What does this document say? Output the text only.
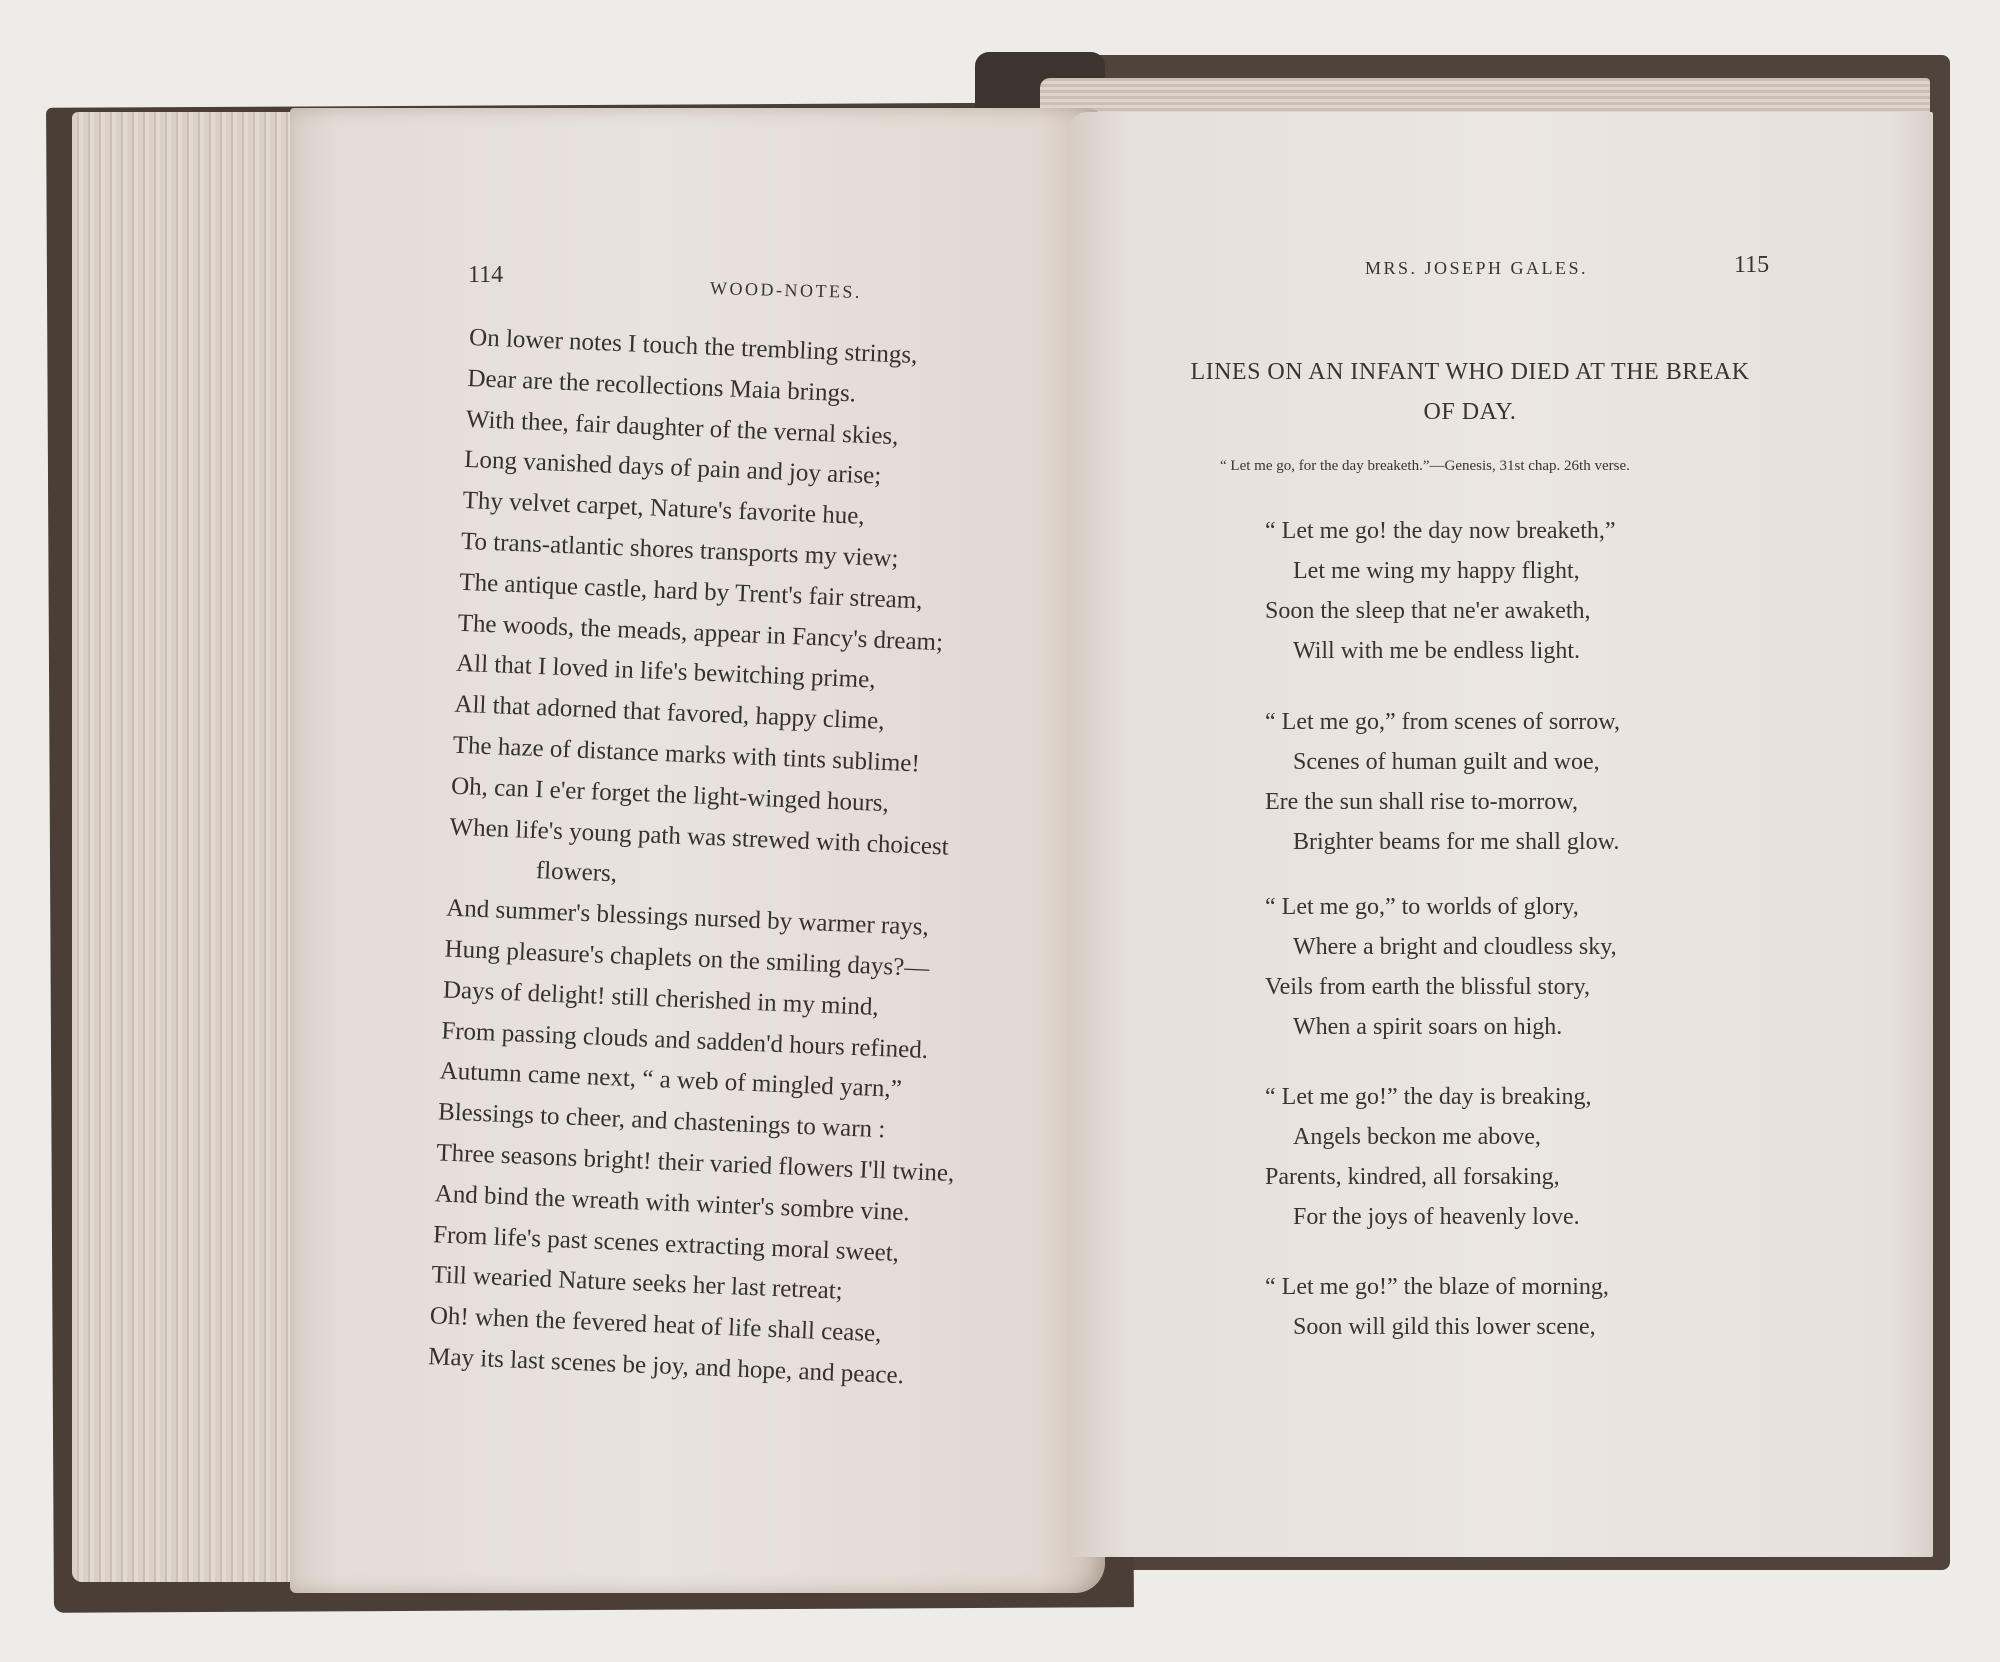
114
WOOD-NOTES.
On lower notes I touch the trembling strings,
Dear are the recollections Maia brings.
With thee, fair daughter of the vernal skies,
Long vanished days of pain and joy arise;
Thy velvet carpet, Nature's favorite hue,
To trans-atlantic shores transports my view;
The antique castle, hard by Trent's fair stream,
The woods, the meads, appear in Fancy's dream;
All that I loved in life's bewitching prime,
All that adorned that favored, happy clime,
The haze of distance marks with tints sublime!
Oh, can I e'er forget the light-winged hours,
When life's young path was strewed with choicest
flowers,
And summer's blessings nursed by warmer rays,
Hung pleasure's chaplets on the smiling days?—
Days of delight! still cherished in my mind,
From passing clouds and sadden'd hours refined.
Autumn came next, “ a web of mingled yarn,”
Blessings to cheer, and chastenings to warn :
Three seasons bright! their varied flowers I'll twine,
And bind the wreath with winter's sombre vine.
From life's past scenes extracting moral sweet,
Till wearied Nature seeks her last retreat;
Oh! when the fevered heat of life shall cease,
May its last scenes be joy, and hope, and peace.
MRS. JOSEPH GALES.	115
LINES ON AN INFANT WHO DIED AT THE BREAK
OF DAY.
“ Let me go, for the day breaketh.”—Genesis, 31st chap. 26th verse.
“ Let me go! the day now breaketh,”
Let me wing my happy flight,
Soon the sleep that ne'er awaketh,
Will with me be endless light.
“ Let me go,” from scenes of sorrow,
Scenes of human guilt and woe,
Ere the sun shall rise to-morrow,
Brighter beams for me shall glow.
“ Let me go,” to worlds of glory,
Where a bright and cloudless sky,
Veils from earth the blissful story,
When a spirit soars on high.
“ Let me go!” the day is breaking,
Angels beckon me above,
Parents, kindred, all forsaking,
For the joys of heavenly love.
“ Let me go!” the blaze of morning,
Soon will gild this lower scene,
